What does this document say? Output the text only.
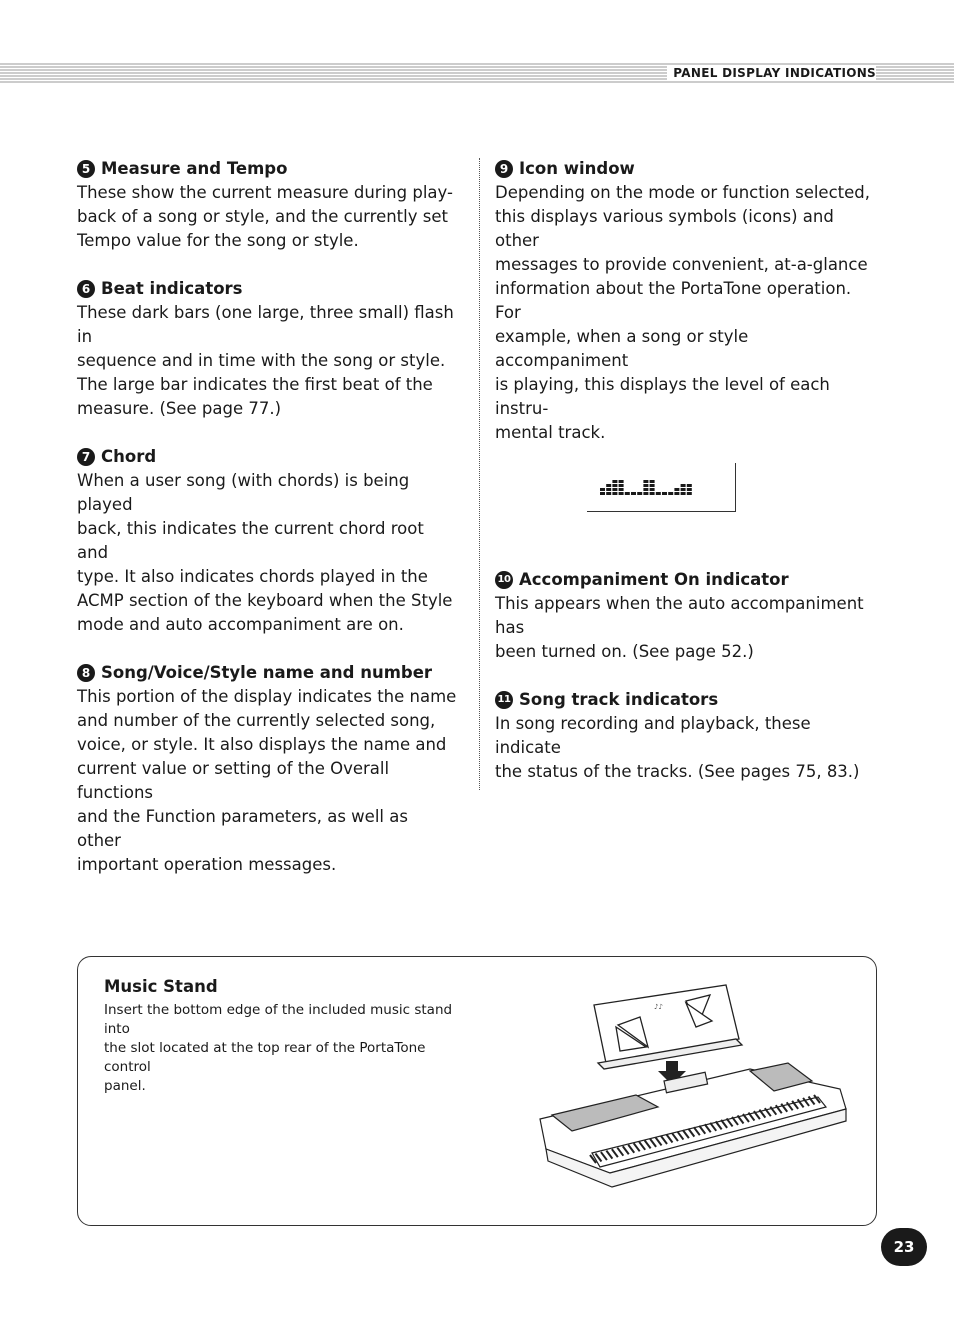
PANEL DISPLAY INDICATIONS
5 Measure and Tempo
These show the current measure during play-
back of a song or style, and the currently set
Tempo value for the song or style.
6 Beat indicators
These dark bars (one large, three small) flash in
sequence and in time with the song or style.
The large bar indicates the first beat of the
measure. (See page 77.)
7 Chord
When a user song (with chords) is being played
back, this indicates the current chord root and
type. It also indicates chords played in the
ACMP section of the keyboard when the Style
mode and auto accompaniment are on.
8 Song/Voice/Style name and number
This portion of the display indicates the name
and number of the currently selected song,
voice, or style. It also displays the name and
current value or setting of the Overall functions
and the Function parameters, as well as other
important operation messages.
9 Icon window
Depending on the mode or function selected,
this displays various symbols (icons) and other
messages to provide convenient, at-a-glance
information about the PortaTone operation. For
example, when a song or style accompaniment
is playing, this displays the level of each instru-
mental track.
10 Accompaniment On indicator
This appears when the auto accompaniment has
been turned on. (See page 52.)
11 Song track indicators
In song recording and playback, these indicate
the status of the tracks. (See pages 75, 83.)
Music Stand
Insert the bottom edge of the included music stand into
the slot located at the top rear of the PortaTone control
panel.
♪♪
23
